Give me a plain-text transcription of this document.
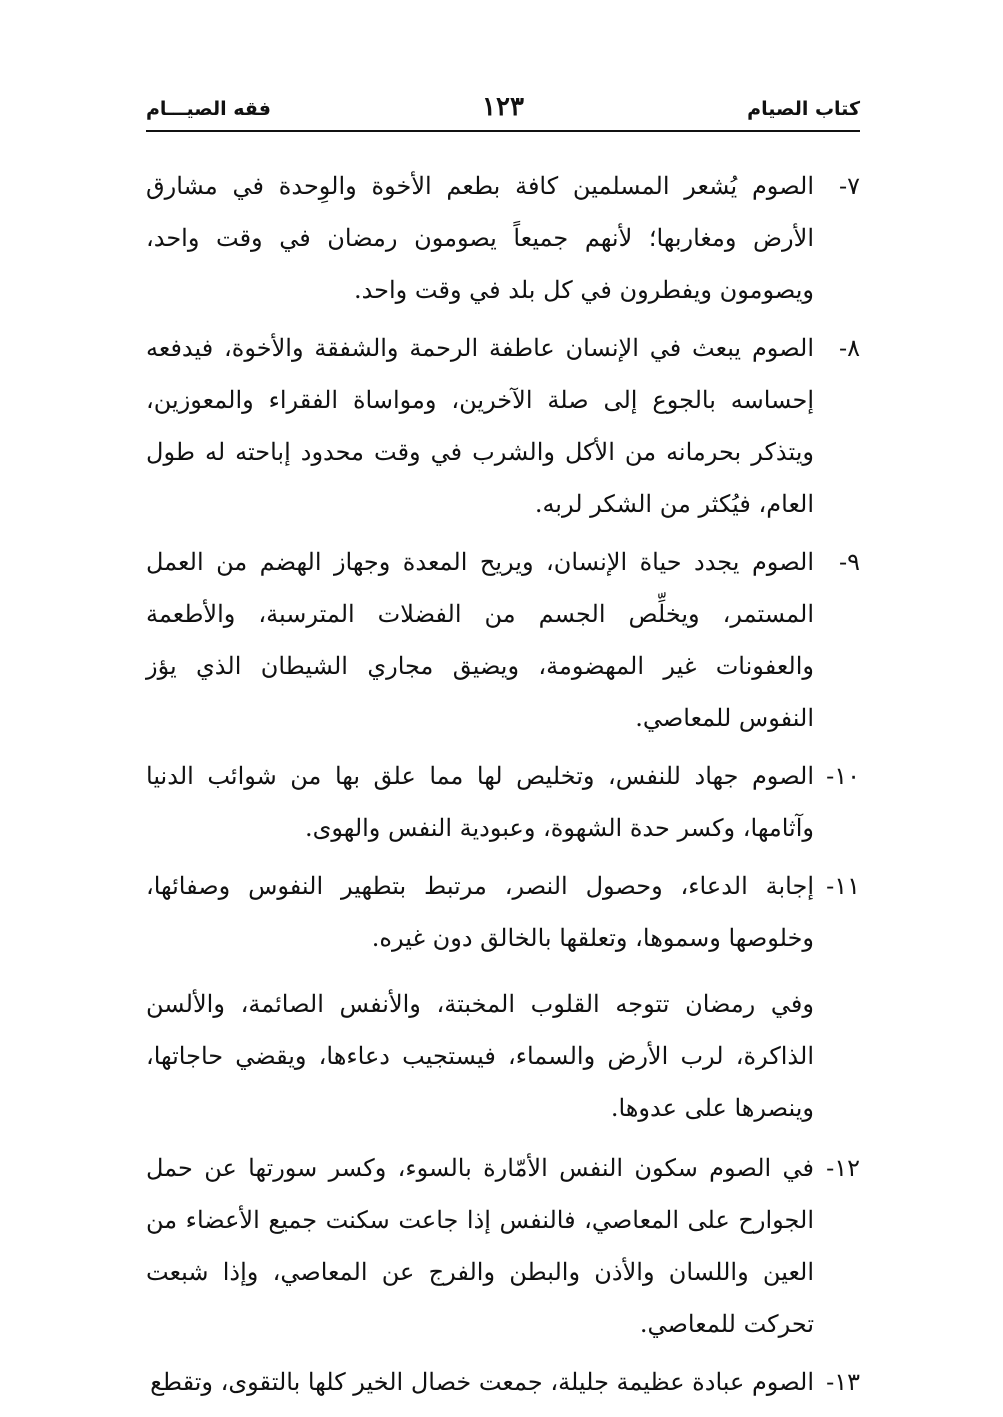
كتاب الصيام
١٢٣
فقه الصيـــام
٧-
الصوم يُشعر المسلمين كافة بطعم الأخوة والوِحدة في مشارق الأرض ومغاربها؛ لأنهم جميعاً يصومون رمضان في وقت واحد، ويصومون ويفطرون في كل بلد في وقت واحد.
٨-
الصوم يبعث في الإنسان عاطفة الرحمة والشفقة والأخوة، فيدفعه إحساسه بالجوع إلى صلة الآخرين، ومواساة الفقراء والمعوزين، ويتذكر بحرمانه من الأكل والشرب في وقت محدود إباحته له طول العام، فيُكثر من الشكر لربه.
٩-
الصوم يجدد حياة الإنسان، ويريح المعدة وجهاز الهضم من العمل المستمر، ويخلِّص الجسم من الفضلات المترسبة، والأطعمة والعفونات غير المهضومة، ويضيق مجاري الشيطان الذي يؤز النفوس للمعاصي.
١٠-
الصوم جهاد للنفس، وتخليص لها مما علق بها من شوائب الدنيا وآثامها، وكسر حدة الشهوة، وعبودية النفس والهوى.
١١-
إجابة الدعاء، وحصول النصر، مرتبط بتطهير النفوس وصفائها، وخلوصها وسموها، وتعلقها بالخالق دون غيره.
وفي رمضان تتوجه القلوب المخبتة، والأنفس الصائمة، والألسن الذاكرة، لرب الأرض والسماء، فيستجيب دعاءها، ويقضي حاجاتها، وينصرها على عدوها.
١٢-
في الصوم سكون النفس الأمّارة بالسوء، وكسر سورتها عن حمل الجوارح على المعاصي، فالنفس إذا جاعت سكنت جميع الأعضاء من العين واللسان والأذن والبطن والفرج عن المعاصي، وإذا شبعت تحركت للمعاصي.
١٣-
الصوم عبادة عظيمة جليلة، جمعت خصال الخير كلها بالتقوى، وتقطع
